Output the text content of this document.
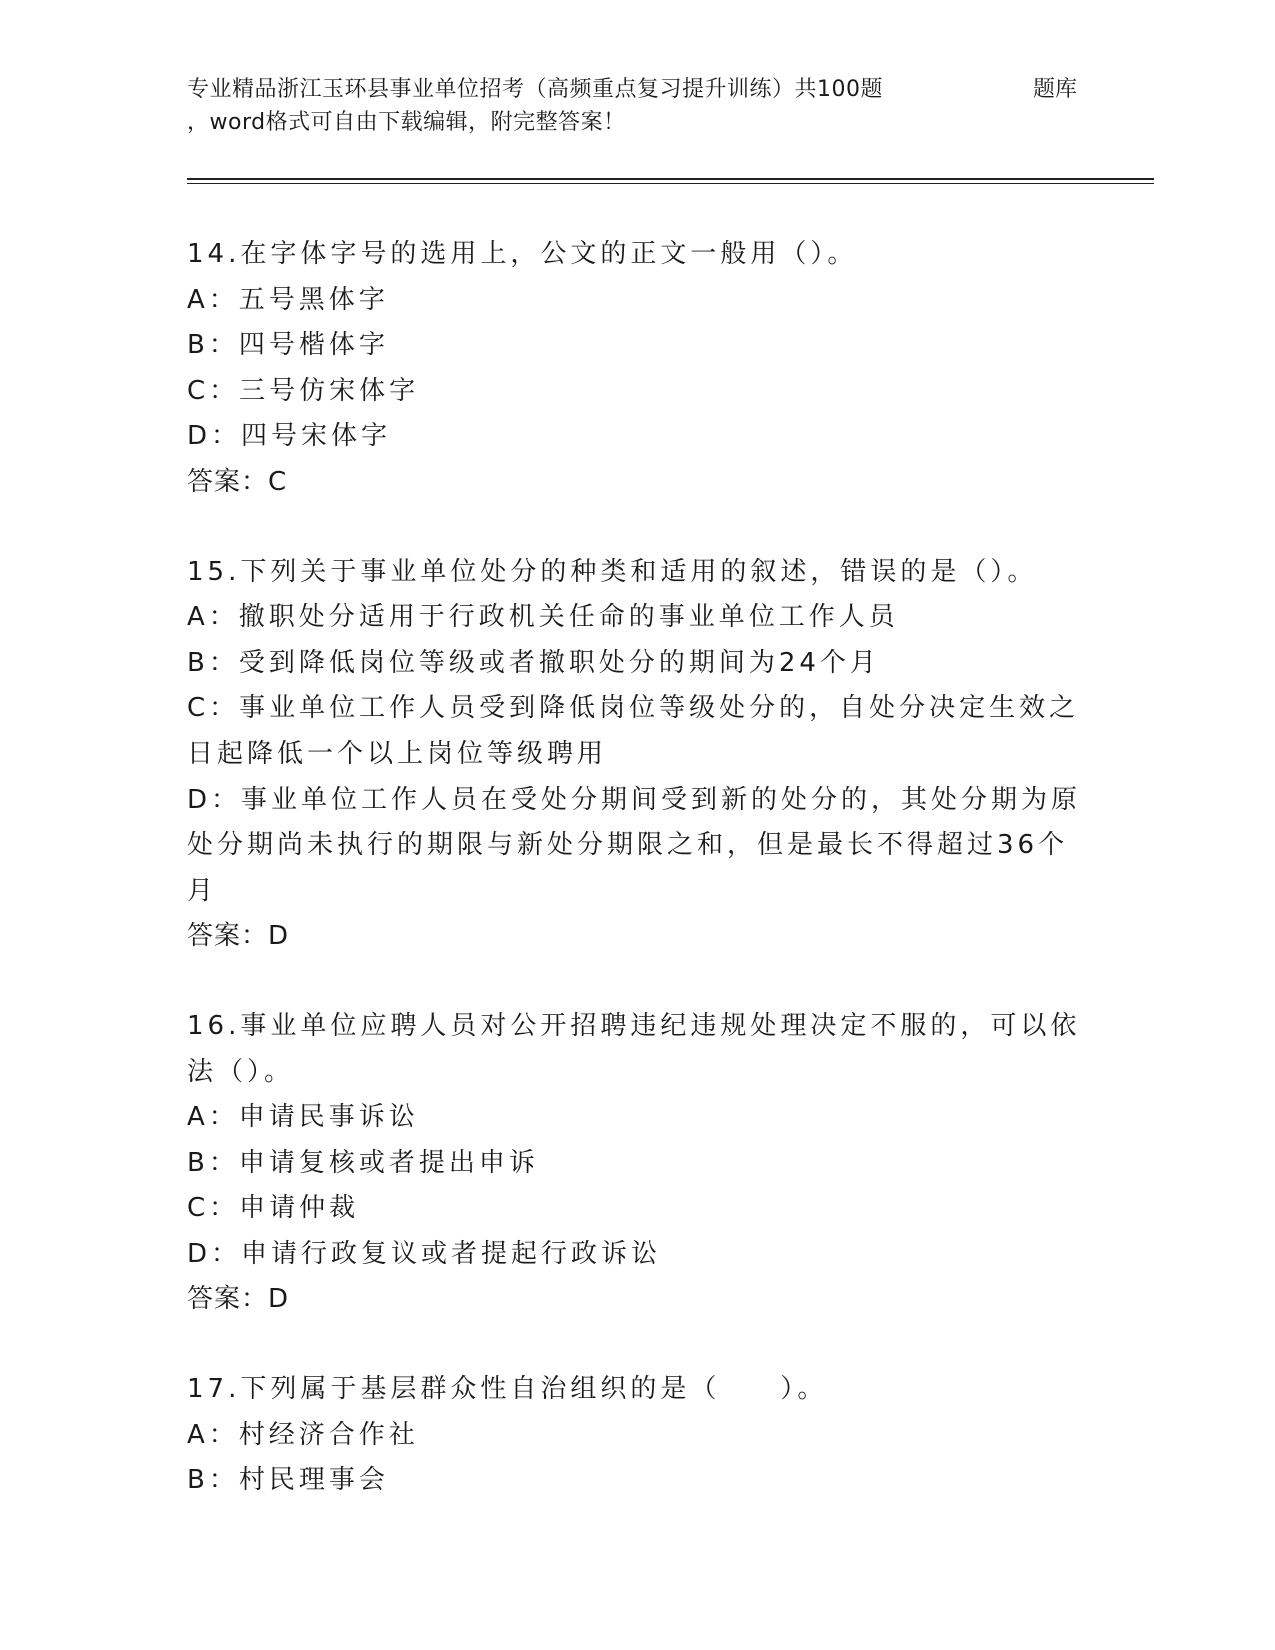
专业精品浙江玉环县事业单位招考（高频重点复习提升训练）共100题	题库
，word格式可自由下载编辑，附完整答案！

14.在字体字号的选用上，公文的正文一般用（）。

A：五号黑体字

B：四号楷体字

C：三号仿宋体字

D：四号宋体字

答案：C

15.下列关于事业单位处分的种类和适用的叙述，错误的是（）。

A：撤职处分适用于行政机关任命的事业单位工作人员

B：受到降低岗位等级或者撤职处分的期间为24个月

C：事业单位工作人员受到降低岗位等级处分的，自处分决定生效之日起降低一个以上岗位等级聘用

D：事业单位工作人员在受处分期间受到新的处分的，其处分期为原处分期尚未执行的期限与新处分期限之和，但是最长不得超过36个月

答案：D

16.事业单位应聘人员对公开招聘违纪违规处理决定不服的，可以依法（）。

A：申请民事诉讼

B：申请复核或者提出申诉

C：申请仲裁

D：申请行政复议或者提起行政诉讼

答案：D

17.下列属于基层群众性自治组织的是（　　）。

A：村经济合作社

B：村民理事会
